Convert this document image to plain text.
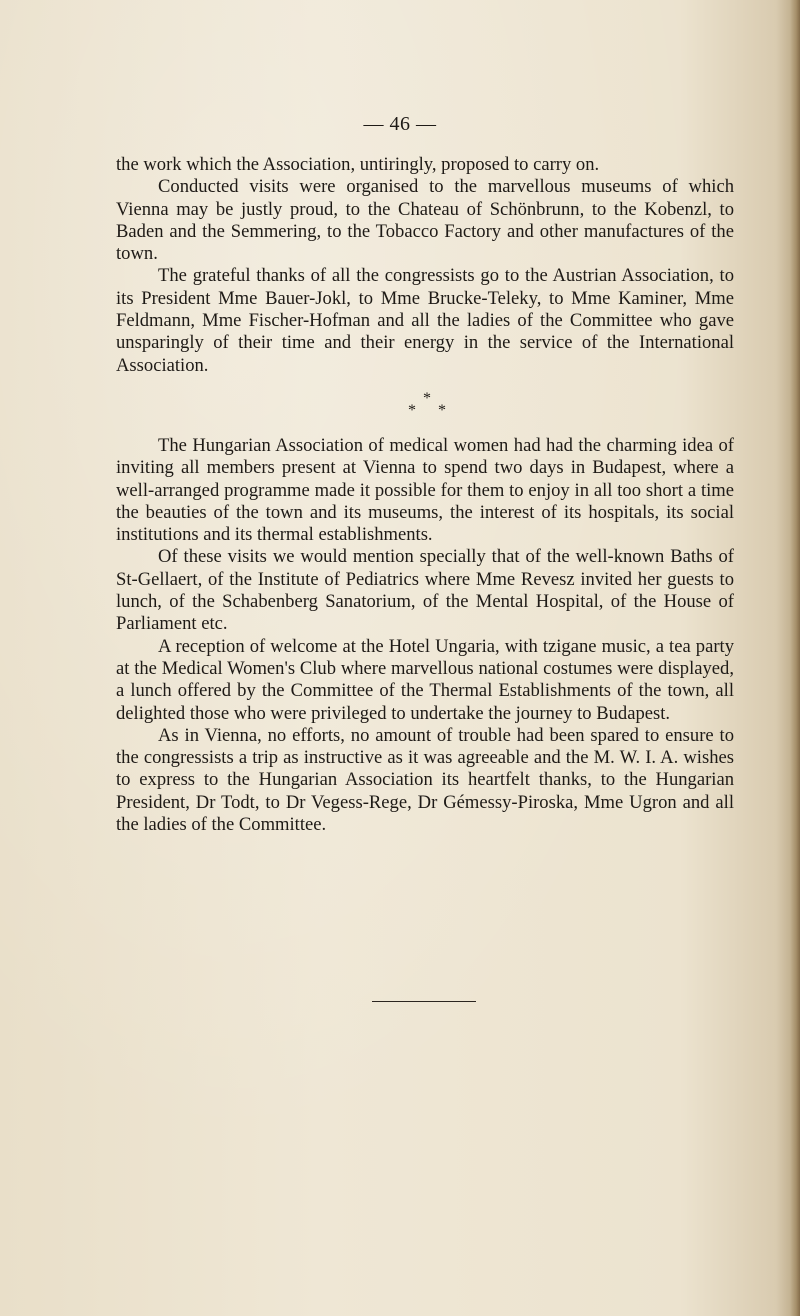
— 46 —

the work which the Association, untiringly, proposed to carry on.

Conducted visits were organised to the marvellous museums of which Vienna may be justly proud, to the Chateau of Schönbrunn, to the Kobenzl, to Baden and the Semmering, to the Tobacco Factory and other manufactures of the town.

The grateful thanks of all the congressists go to the Austrian Association, to its President Mme Bauer-Jokl, to Mme Brucke-Teleky, to Mme Kaminer, Mme Feldmann, Mme Fischer-Hofman and all the ladies of the Committee who gave unsparingly of their time and their energy in the service of the International Association.

*
* *

The Hungarian Association of medical women had had the charming idea of inviting all members present at Vienna to spend two days in Budapest, where a well-arranged programme made it possible for them to enjoy in all too short a time the beauties of the town and its museums, the interest of its hospitals, its social institutions and its thermal establishments.

Of these visits we would mention specially that of the well-known Baths of St-Gellaert, of the Institute of Pediatrics where Mme Revesz invited her guests to lunch, of the Schabenberg Sanatorium, of the Mental Hospital, of the House of Parliament etc.

A reception of welcome at the Hotel Ungaria, with tzigane music, a tea party at the Medical Women's Club where marvellous national costumes were displayed, a lunch offered by the Committee of the Thermal Establishments of the town, all delighted those who were privileged to undertake the journey to Budapest.

As in Vienna, no efforts, no amount of trouble had been spared to ensure to the congressists a trip as instructive as it was agreeable and the M. W. I. A. wishes to express to the Hungarian Association its heartfelt thanks, to the Hungarian President, Dr Todt, to Dr Vegess-Rege, Dr Gémessy-Piroska, Mme Ugron and all the ladies of the Committee.
